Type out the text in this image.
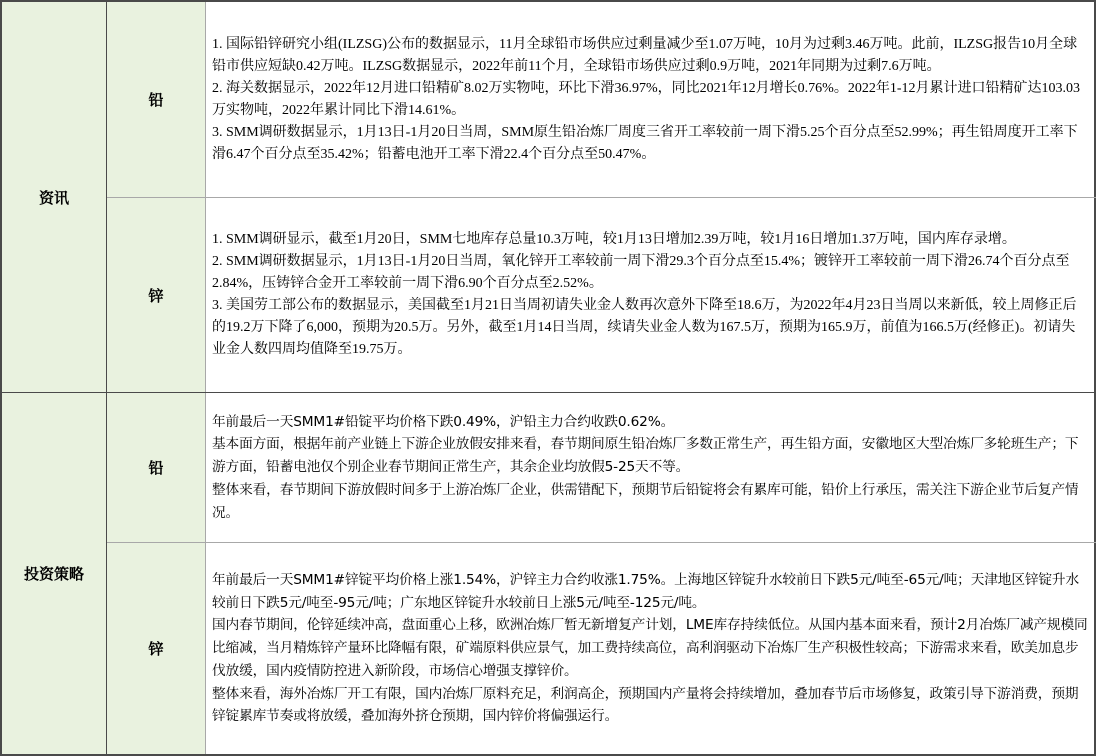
资讯
铅

1. 国际铅锌研究小组(ILZSG)公布的数据显示，11月全球铅市场供应过剩量减少至1.07万吨，10月为过剩3.46万吨。此前，ILZSG报告10月全球铅市供应短缺0.42万吨。ILZSG数据显示，2022年前11个月，全球铅市场供应过剩0.9万吨，2021年同期为过剩7.6万吨。

2. 海关数据显示，2022年12月进口铅精矿8.02万实物吨，环比下滑36.97%，同比2021年12月增长0.76%。2022年1-12月累计进口铅精矿达103.03万实物吨，2022年累计同比下滑14.61%。

3. SMM调研数据显示，1月13日-1月20日当周，SMM原生铅冶炼厂周度三省开工率较前一周下滑5.25个百分点至52.99%；再生铅周度开工率下滑6.47个百分点至35.42%；铅蓄电池开工率下滑22.4个百分点至50.47%。

锌

1. SMM调研显示，截至1月20日，SMM七地库存总量10.3万吨，较1月13日增加2.39万吨，较1月16日增加1.37万吨，国内库存录增。

2. SMM调研数据显示，1月13日-1月20日当周，氧化锌开工率较前一周下滑29.3个百分点至15.4%；镀锌开工率较前一周下滑26.74个百分点至2.84%，压铸锌合金开工率较前一周下滑6.90个百分点至2.52%。

3. 美国劳工部公布的数据显示，美国截至1月21日当周初请失业金人数再次意外下降至18.6万，为2022年4月23日当周以来新低，较上周修正后的19.2万下降了6,000，预期为20.5万。另外，截至1月14日当周，续请失业金人数为167.5万，预期为165.9万，前值为166.5万(经修正)。初请失业金人数四周均值降至19.75万。

投资策略
铅

年前最后一天SMM1#铅锭平均价格下跌0.49%，沪铅主力合约收跌0.62%。

基本面方面，根据年前产业链上下游企业放假安排来看，春节期间原生铅冶炼厂多数正常生产，再生铅方面，安徽地区大型冶炼厂多轮班生产；下游方面，铅蓄电池仅个别企业春节期间正常生产，其余企业均放假5-25天不等。

整体来看，春节期间下游放假时间多于上游冶炼厂企业，供需错配下，预期节后铅锭将会有累库可能，铅价上行承压，需关注下游企业节后复产情况。

锌

年前最后一天SMM1#锌锭平均价格上涨1.54%，沪锌主力合约收涨1.75%。上海地区锌锭升水较前日下跌5元/吨至-65元/吨；天津地区锌锭升水较前日下跌5元/吨至-95元/吨；广东地区锌锭升水较前日上涨5元/吨至-125元/吨。

国内春节期间，伦锌延续冲高，盘面重心上移，欧洲冶炼厂暂无新增复产计划，LME库存持续低位。从国内基本面来看，预计2月冶炼厂减产规模同比缩减，当月精炼锌产量环比降幅有限，矿端原料供应景气，加工费持续高位，高利润驱动下冶炼厂生产积极性较高；下游需求来看，欧美加息步伐放缓，国内疫情防控进入新阶段，市场信心增强支撑锌价。

整体来看，海外冶炼厂开工有限，国内冶炼厂原料充足，利润高企，预期国内产量将会持续增加，叠加春节后市场修复，政策引导下游消费，预期锌锭累库节奏或将放缓，叠加海外挤仓预期，国内锌价将偏强运行。
